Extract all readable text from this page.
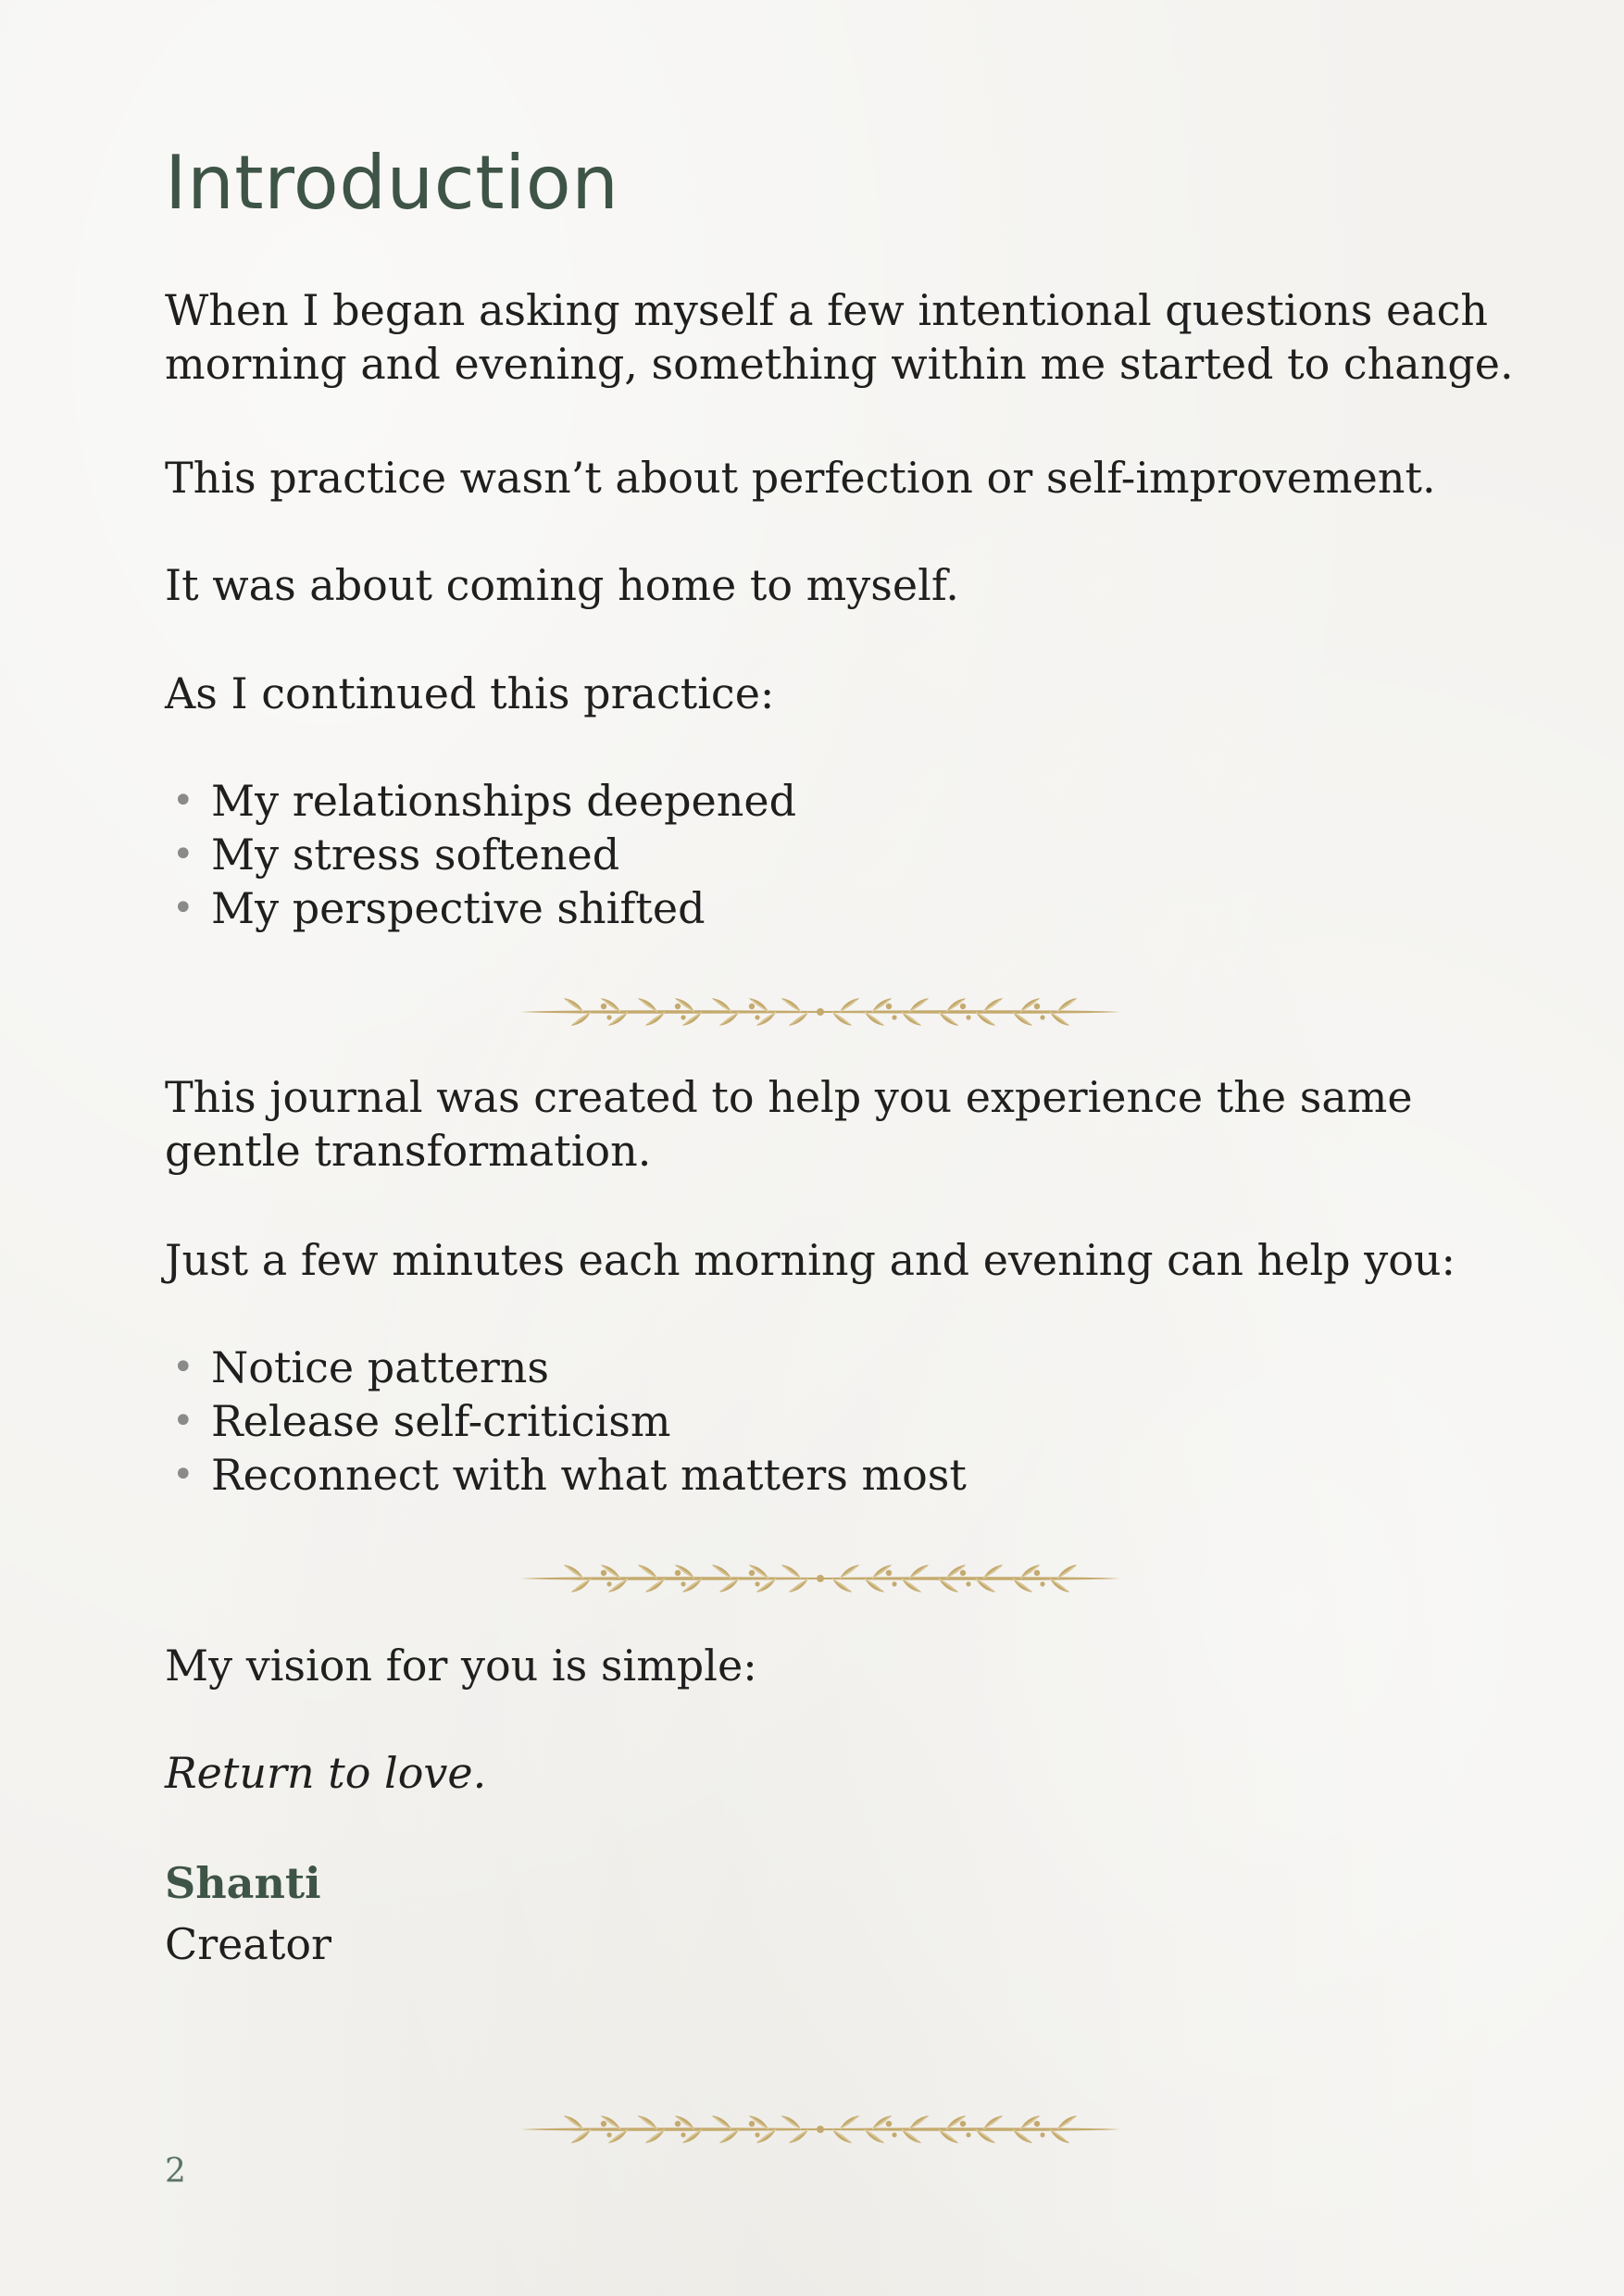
Introduction

When I began asking myself a few intentional questions each
morning and evening, something within me started to change.

This practice wasn’t about perfection or self-improvement.

It was about coming home to myself.

As I continued this practice:

• My relationships deepened
• My stress softened
• My perspective shifted

This journal was created to help you experience the same
gentle transformation.

Just a few minutes each morning and evening can help you:

• Notice patterns
• Release self-criticism
• Reconnect with what matters most

My vision for you is simple:

Return to love.

Shanti

Creator

2
